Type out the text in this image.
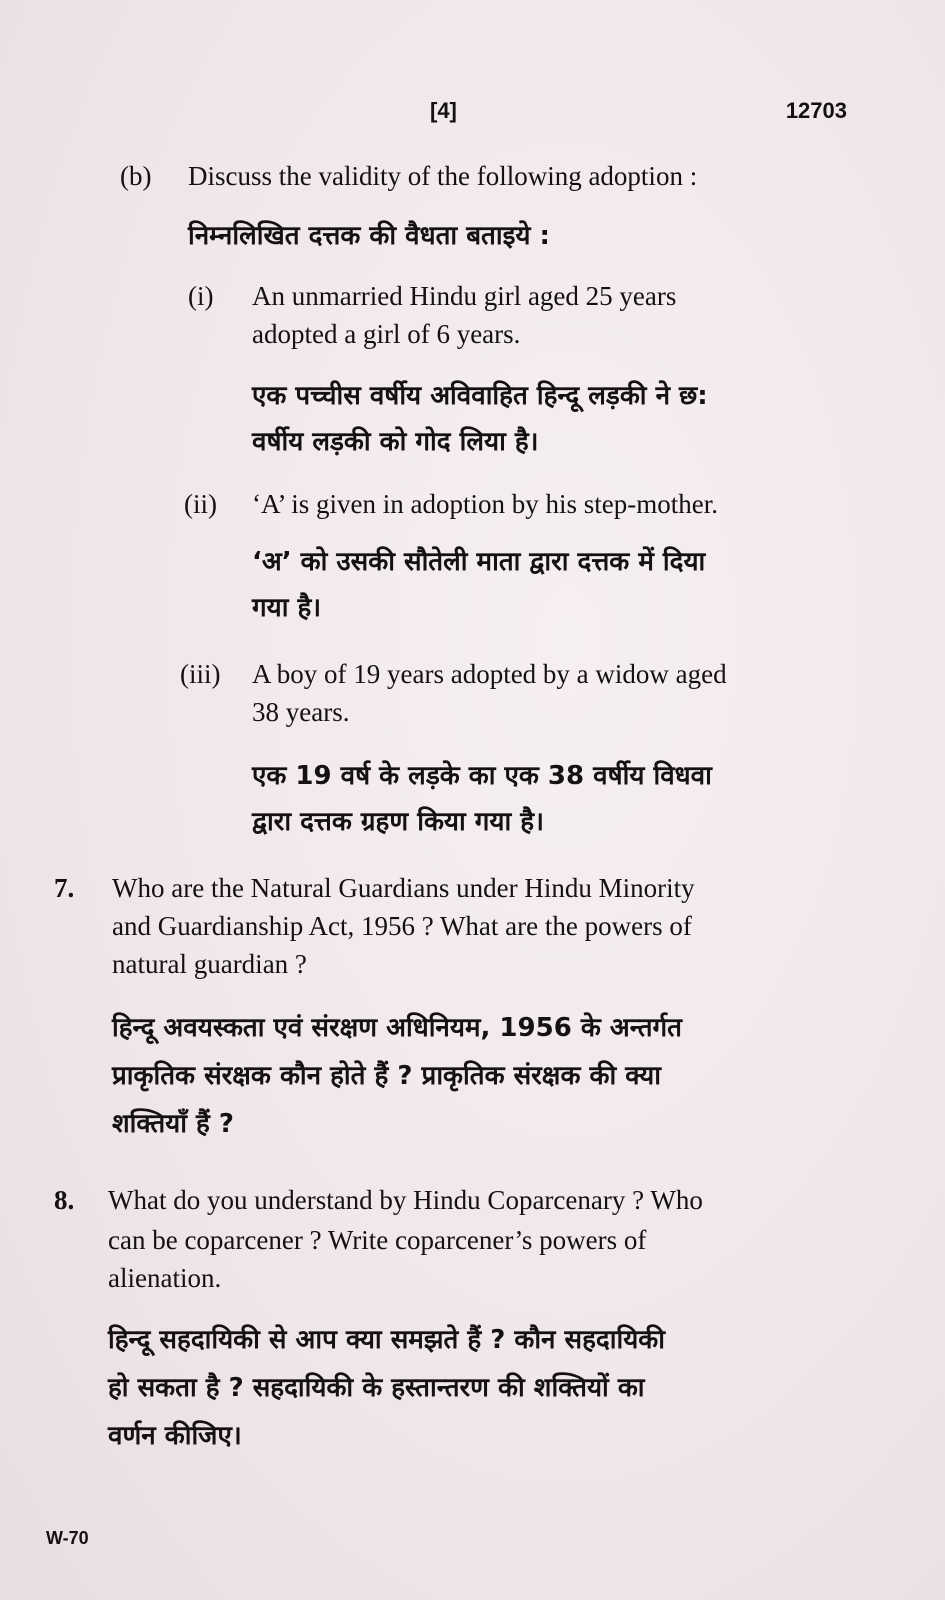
[4]	12703
(b) Discuss the validity of the following adoption :
निम्नलिखित दत्तक की वैधता बताइये :
(i) An unmarried Hindu girl aged 25 years
adopted a girl of 6 years.
एक पच्चीस वर्षीय अविवाहित हिन्दू लड़की ने छ:
वर्षीय लड़की को गोद लिया है।
(ii) ‘A’ is given in adoption by his step-mother.
‘अ’ को उसकी सौतेली माता द्वारा दत्तक में दिया
गया है।
(iii) A boy of 19 years adopted by a widow aged
38 years.
एक 19 वर्ष के लड़के का एक 38 वर्षीय विधवा
द्वारा दत्तक ग्रहण किया गया है।
7. Who are the Natural Guardians under Hindu Minority
and Guardianship Act, 1956 ? What are the powers of
natural guardian ?
हिन्दू अवयस्कता एवं संरक्षण अधिनियम, 1956 के अन्तर्गत
प्राकृतिक संरक्षक कौन होते हैं ? प्राकृतिक संरक्षक की क्या
शक्तियाँ हैं ?
8. What do you understand by Hindu Coparcenary ? Who
can be coparcener ? Write coparcener’s powers of
alienation.
हिन्दू सहदायिकी से आप क्या समझते हैं ? कौन सहदायिकी
हो सकता है ? सहदायिकी के हस्तान्तरण की शक्तियों का
वर्णन कीजिए।
W-70
